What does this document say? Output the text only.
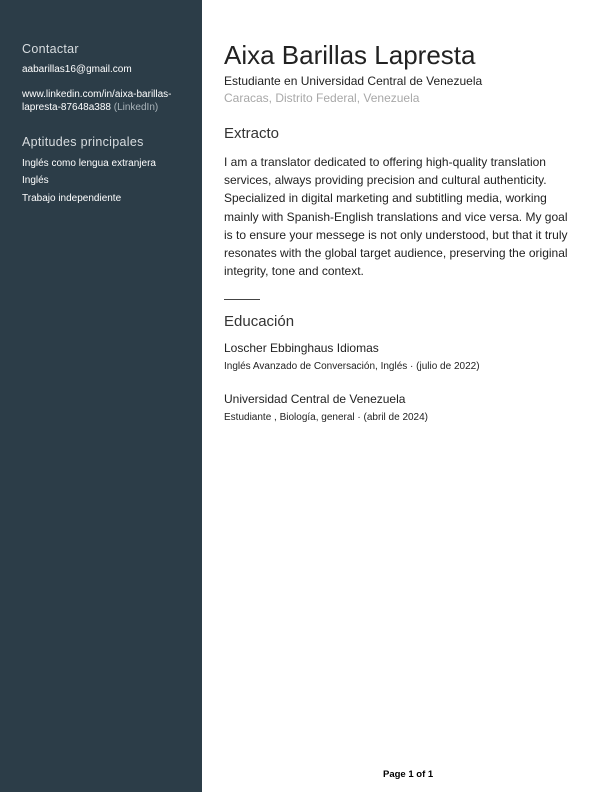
Contactar
aabarillas16@gmail.com
www.linkedin.com/in/aixa-barillas-
lapresta-87648a388 (LinkedIn)
Aptitudes principales
Inglés como lengua extranjera
Inglés
Trabajo independiente
Aixa Barillas Lapresta
Estudiante en Universidad Central de Venezuela
Caracas, Distrito Federal, Venezuela
Extracto
I am a translator dedicated to offering high-quality translation
services, always providing precision and cultural authenticity.
Specialized in digital marketing and subtitling media, working
mainly with Spanish-English translations and vice versa. My goal
is to ensure your messege is not only understood, but that it truly
resonates with the global target audience, preserving the original
integrity, tone and context.
Educación
Loscher Ebbinghaus Idiomas
Inglés Avanzado de Conversación, Inglés · (julio de 2022)
Universidad Central de Venezuela
Estudiante , Biología, general · (abril de 2024)
Page 1 of 1
